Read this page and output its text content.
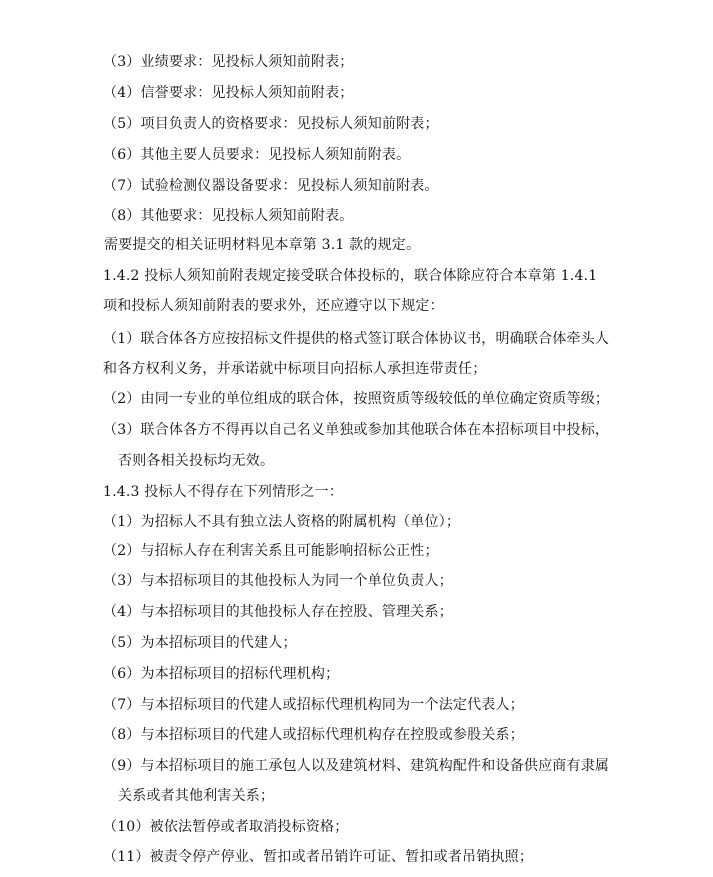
（3）业绩要求：见投标人须知前附表；
（4）信誉要求：见投标人须知前附表；
（5）项目负责人的资格要求：见投标人须知前附表；
（6）其他主要人员要求：见投标人须知前附表。
（7）试验检测仪器设备要求：见投标人须知前附表。
（8）其他要求：见投标人须知前附表。
需要提交的相关证明材料见本章第 3.1 款的规定。
1.4.2 投标人须知前附表规定接受联合体投标的，联合体除应符合本章第 1.4.1
项和投标人须知前附表的要求外，还应遵守以下规定：
（1）联合体各方应按招标文件提供的格式签订联合体协议书，明确联合体牵头人
和各方权利义务，并承诺就中标项目向招标人承担连带责任；
（2）由同一专业的单位组成的联合体，按照资质等级较低的单位确定资质等级；
（3）联合体各方不得再以自己名义单独或参加其他联合体在本招标项目中投标，
否则各相关投标均无效。
1.4.3 投标人不得存在下列情形之一：
（1）为招标人不具有独立法人资格的附属机构（单位）；
（2）与招标人存在利害关系且可能影响招标公正性；
（3）与本招标项目的其他投标人为同一个单位负责人；
（4）与本招标项目的其他投标人存在控股、管理关系；
（5）为本招标项目的代建人；
（6）为本招标项目的招标代理机构；
（7）与本招标项目的代建人或招标代理机构同为一个法定代表人；
（8）与本招标项目的代建人或招标代理机构存在控股或参股关系；
（9）与本招标项目的施工承包人以及建筑材料、建筑构配件和设备供应商有隶属
关系或者其他利害关系；
（10）被依法暂停或者取消投标资格；
（11）被责令停产停业、暂扣或者吊销许可证、暂扣或者吊销执照；
